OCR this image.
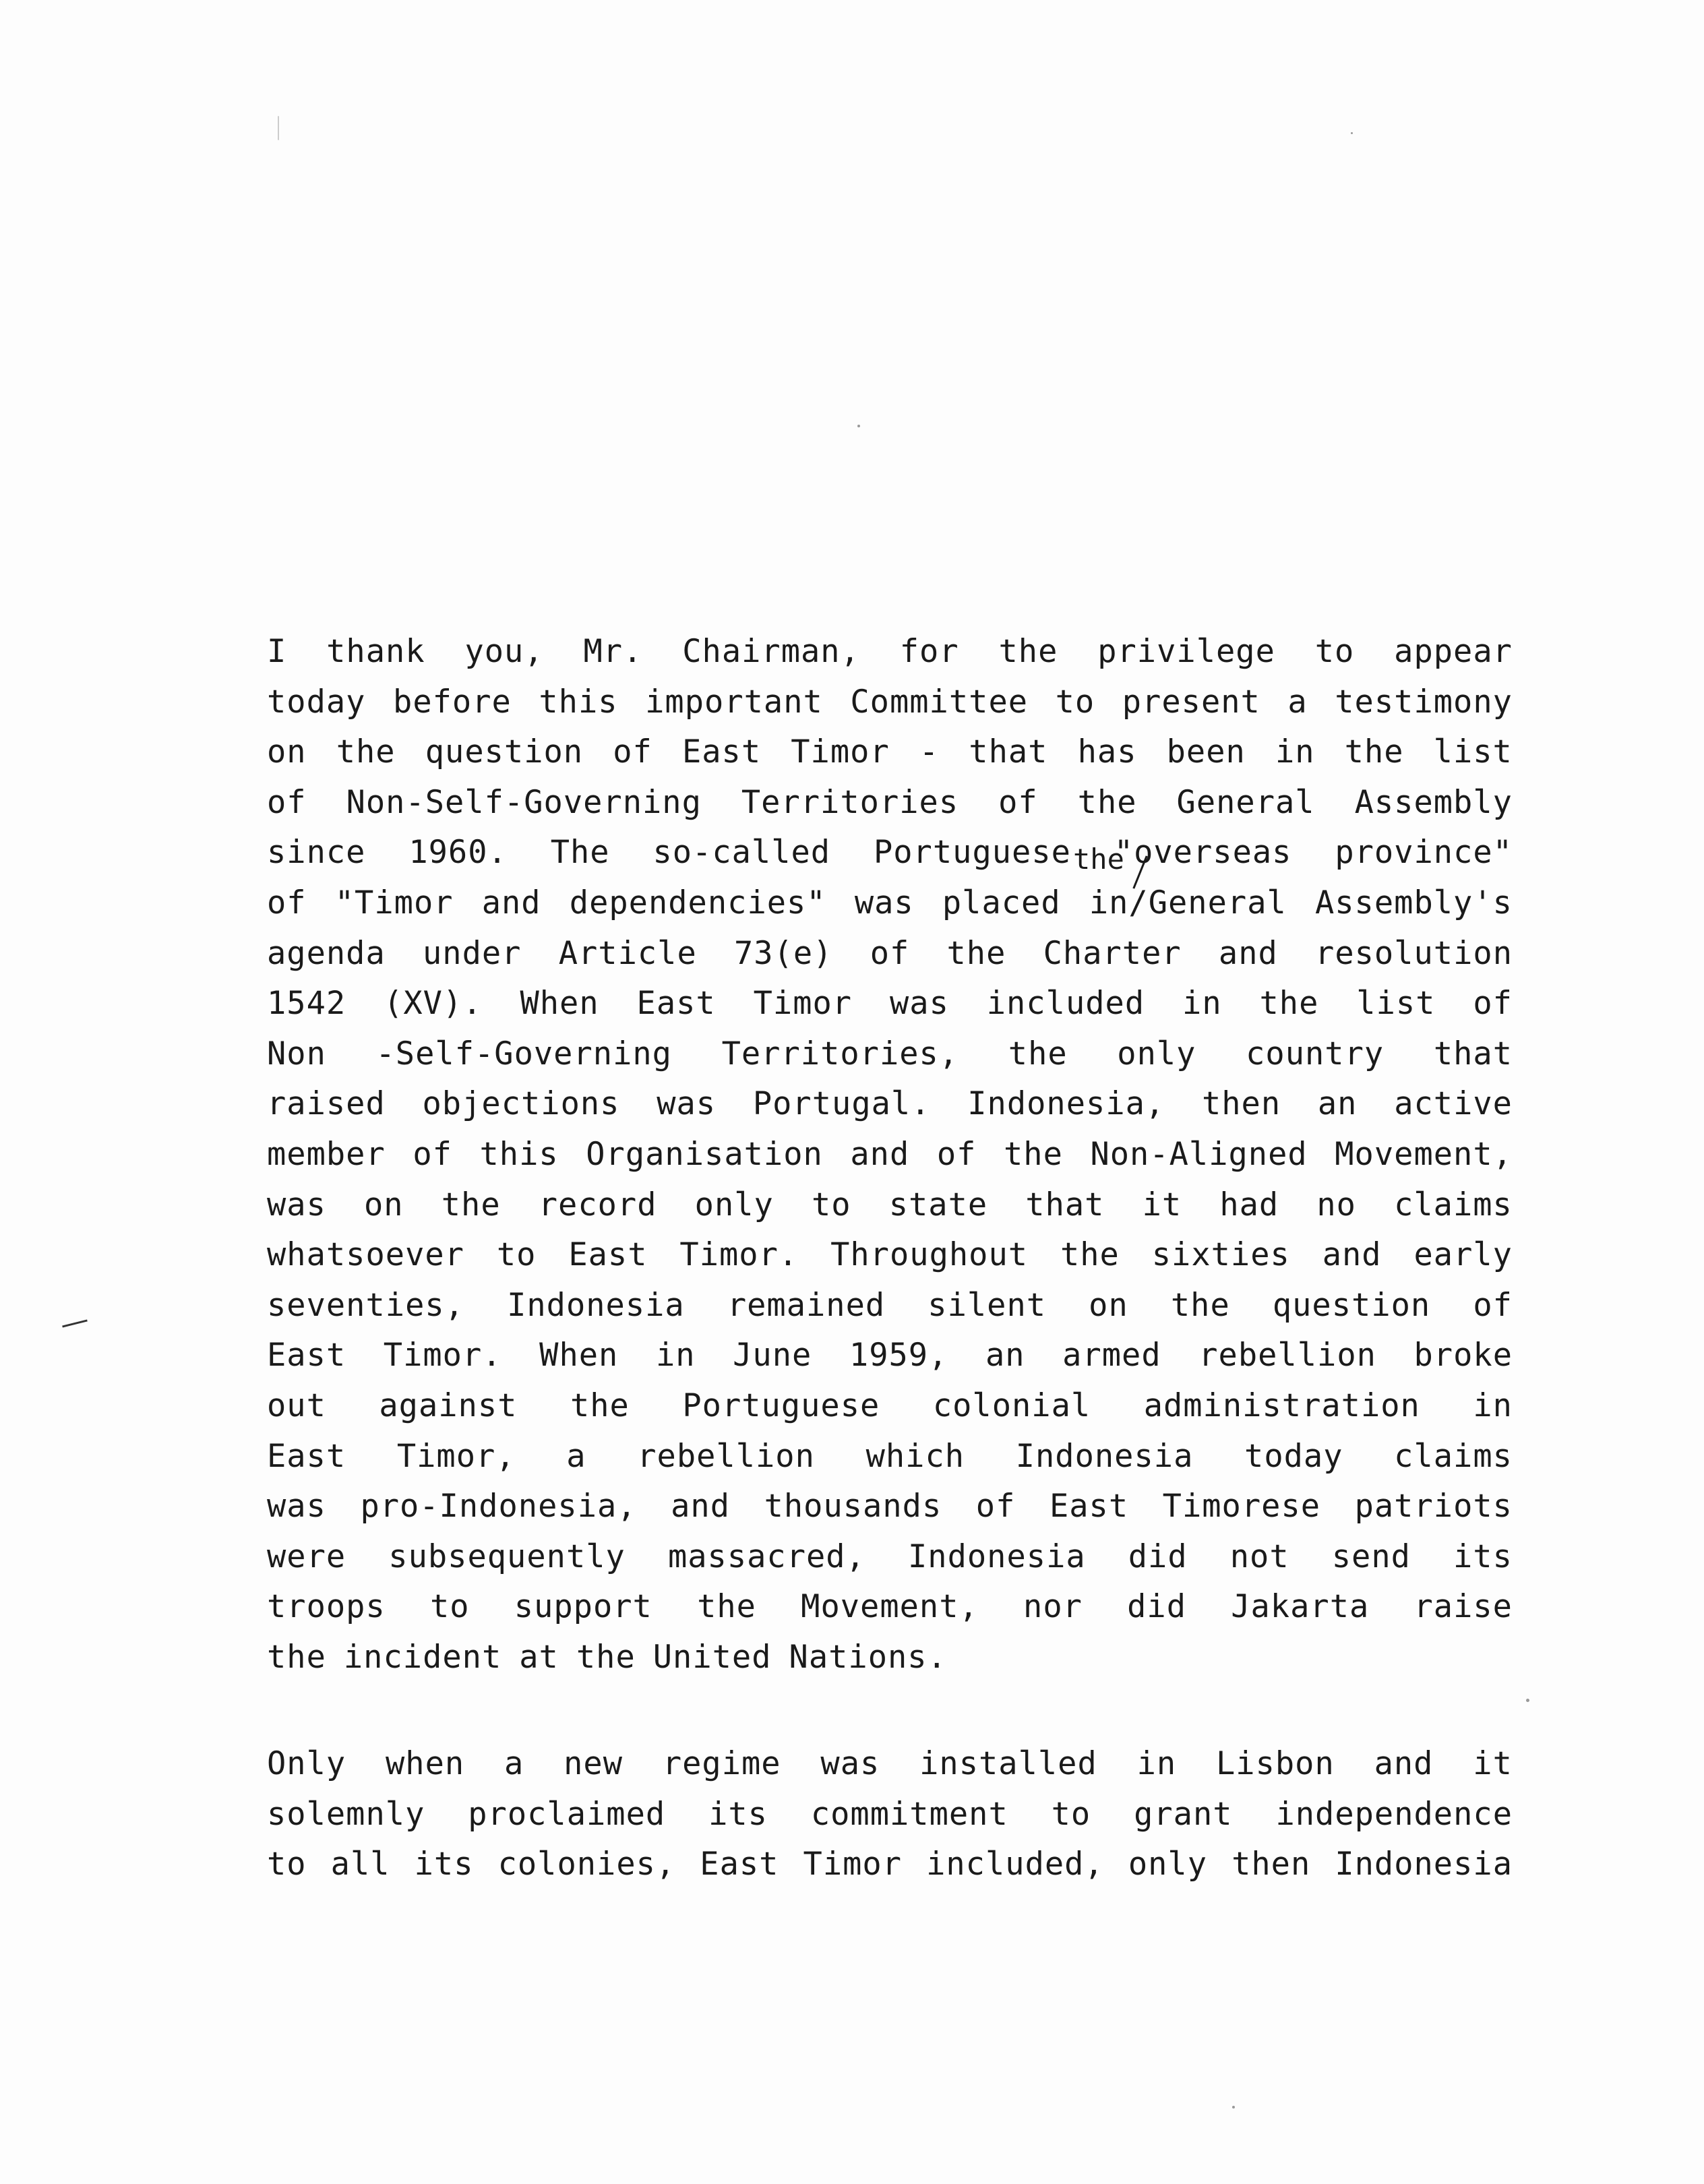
I thank you, Mr. Chairman, for the privilege to appear
today before this important Committee to present a testimony
on the question of East Timor - that has been in the list
of Non-Self-Governing Territories of the General Assembly
since 1960. The so-called Portuguese "overseas province"
of "Timor and dependencies" was placed in/General Assembly's
agenda under Article 73(e) of the Charter and resolution
1542 (XV). When East Timor was included in the list of
Non -Self-Governing Territories, the only country that
raised objections was Portugal. Indonesia, then an active
member of this Organisation and of the Non-Aligned Movement,
was on the record only to state that it had no claims
whatsoever to East Timor. Throughout the sixties and early
seventies, Indonesia remained silent on the question of
East Timor. When in June 1959, an armed rebellion broke
out against the Portuguese colonial administration in
East Timor, a rebellion which Indonesia today claims
was pro-Indonesia, and thousands of East Timorese patriots
were subsequently massacred, Indonesia did not send its
troops to support the Movement, nor did Jakarta raise
the incident at the United Nations.
Only when a new regime was installed in Lisbon and it
solemnly proclaimed its commitment to grant independence
to all its colonies, East Timor included, only then Indonesia
the
